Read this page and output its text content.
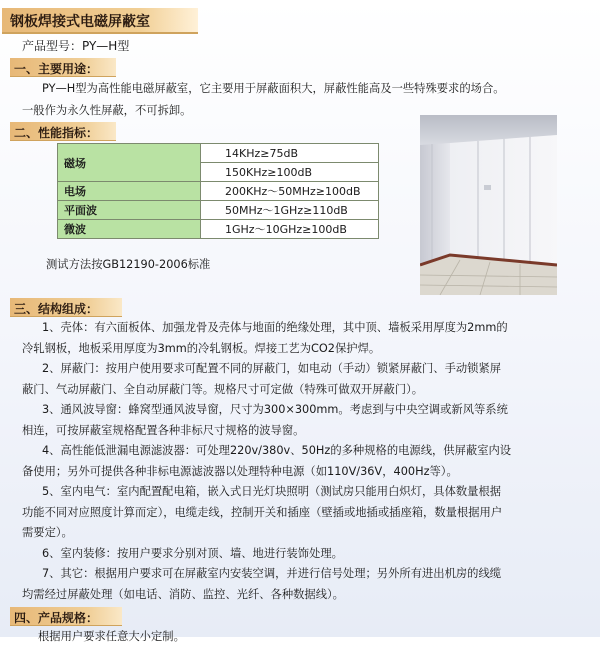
钢板焊接式电磁屏蔽室
产品型号：PY—H型
一、主要用途：
PY—H型为高性能电磁屏蔽室，它主要用于屏蔽面积大，屏蔽性能高及一些特殊要求的场合。
一般作为永久性屏蔽，不可拆卸。
二、性能指标：
磁场	14KHz≥75dB
	150KHz≥100dB
电场	200KHz～50MHz≥100dB
平面波	50MHz～1GHz≥110dB
微波	1GHz～10GHz≥100dB
测试方法按GB12190-2006标准
三、结构组成：
1、壳体：有六面板体、加强龙骨及壳体与地面的绝缘处理，其中顶、墙板采用厚度为2mm的
冷轧钢板，地板采用厚度为3mm的冷轧钢板。焊接工艺为CO2保护焊。
2、屏蔽门：按用户使用要求可配置不同的屏蔽门，如电动（手动）锁紧屏蔽门、手动锁紧屏
蔽门、气动屏蔽门、全自动屏蔽门等。规格尺寸可定做（特殊可做双开屏蔽门）。
3、通风波导窗：蜂窝型通风波导窗，尺寸为300×300mm。考虑到与中央空调或新风等系统
相连，可按屏蔽室规格配置各种非标尺寸规格的波导窗。
4、高性能低泄漏电源滤波器：可处理220v/380v、50Hz的多种规格的电源线，供屏蔽室内设
备使用；另外可提供各种非标电源滤波器以处理特种电源（如110V/36V，400Hz等）。
5、室内电气：室内配置配电箱，嵌入式日光灯块照明（测试房只能用白炽灯，具体数量根据
功能不同对应照度计算而定），电缆走线，控制开关和插座（壁插或地插或插座箱，数量根据用户
需要定）。
6、室内装修：按用户要求分别对顶、墙、地进行装饰处理。
7、其它：根据用户要求可在屏蔽室内安装空调，并进行信号处理；另外所有进出机房的线缆
均需经过屏蔽处理（如电话、消防、监控、光纤、各种数据线）。
四、产品规格：
根据用户要求任意大小定制。
